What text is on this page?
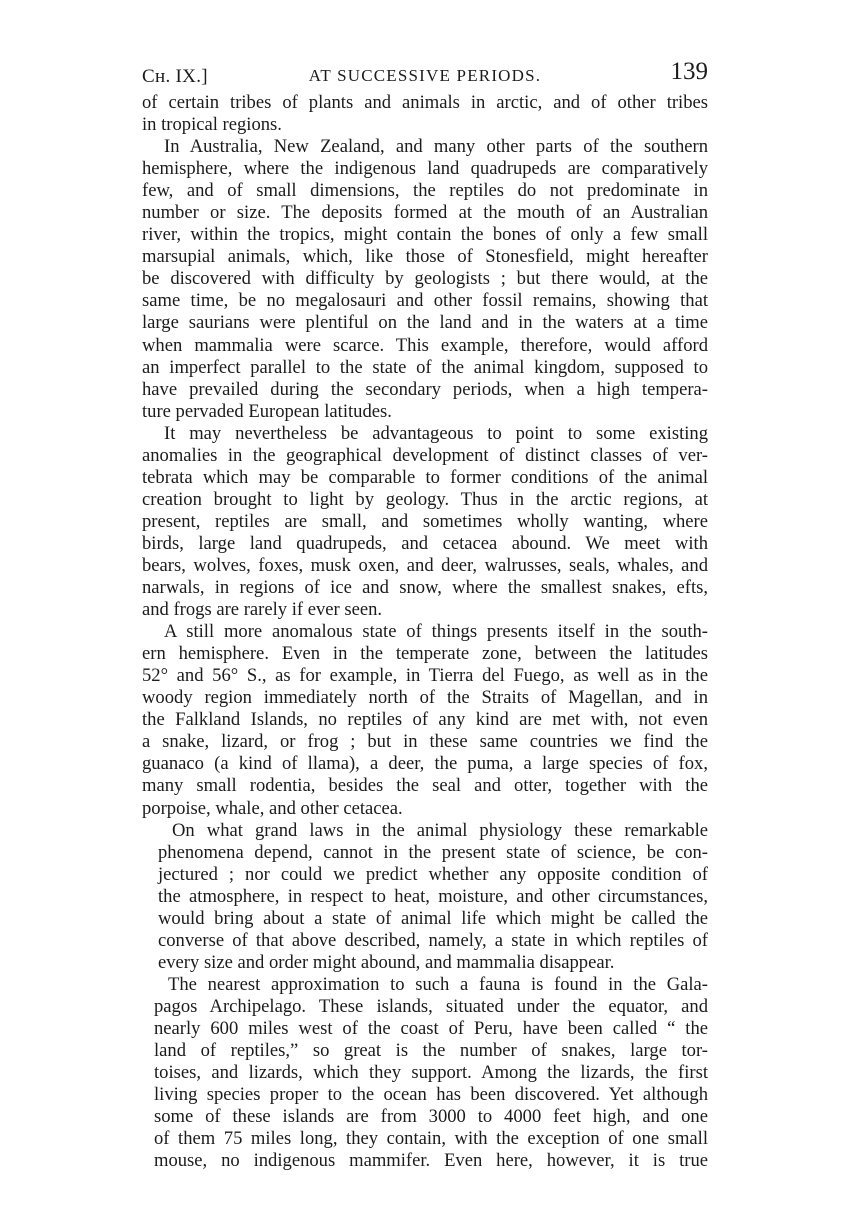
Cʜ. IX.]	AT SUCCESSIVE PERIODS.	139
of certain tribes of plants and animals in arctic, and of other tribes
in tropical regions.
In Australia, New Zealand, and many other parts of the southern
hemisphere, where the indigenous land quadrupeds are comparatively
few, and of small dimensions, the reptiles do not predominate in
number or size. The deposits formed at the mouth of an Australian
river, within the tropics, might contain the bones of only a few small
marsupial animals, which, like those of Stonesfield, might hereafter
be discovered with difficulty by geologists ; but there would, at the
same time, be no megalosauri and other fossil remains, showing that
large saurians were plentiful on the land and in the waters at a time
when mammalia were scarce. This example, therefore, would afford
an imperfect parallel to the state of the animal kingdom, supposed to
have prevailed during the secondary periods, when a high tempera-
ture pervaded European latitudes.
It may nevertheless be advantageous to point to some existing
anomalies in the geographical development of distinct classes of ver-
tebrata which may be comparable to former conditions of the animal
creation brought to light by geology. Thus in the arctic regions, at
present, reptiles are small, and sometimes wholly wanting, where
birds, large land quadrupeds, and cetacea abound. We meet with
bears, wolves, foxes, musk oxen, and deer, walrusses, seals, whales, and
narwals, in regions of ice and snow, where the smallest snakes, efts,
and frogs are rarely if ever seen.
A still more anomalous state of things presents itself in the south-
ern hemisphere. Even in the temperate zone, between the latitudes
52° and 56° S., as for example, in Tierra del Fuego, as well as in the
woody region immediately north of the Straits of Magellan, and in
the Falkland Islands, no reptiles of any kind are met with, not even
a snake, lizard, or frog ; but in these same countries we find the
guanaco (a kind of llama), a deer, the puma, a large species of fox,
many small rodentia, besides the seal and otter, together with the
porpoise, whale, and other cetacea.
On what grand laws in the animal physiology these remarkable
phenomena depend, cannot in the present state of science, be con-
jectured ; nor could we predict whether any opposite condition of
the atmosphere, in respect to heat, moisture, and other circumstances,
would bring about a state of animal life which might be called the
converse of that above described, namely, a state in which reptiles of
every size and order might abound, and mammalia disappear.
The nearest approximation to such a fauna is found in the Gala-
pagos Archipelago. These islands, situated under the equator, and
nearly 600 miles west of the coast of Peru, have been called “ the
land of reptiles,” so great is the number of snakes, large tor-
toises, and lizards, which they support. Among the lizards, the first
living species proper to the ocean has been discovered. Yet although
some of these islands are from 3000 to 4000 feet high, and one
of them 75 miles long, they contain, with the exception of one small
mouse, no indigenous mammifer. Even here, however, it is true
